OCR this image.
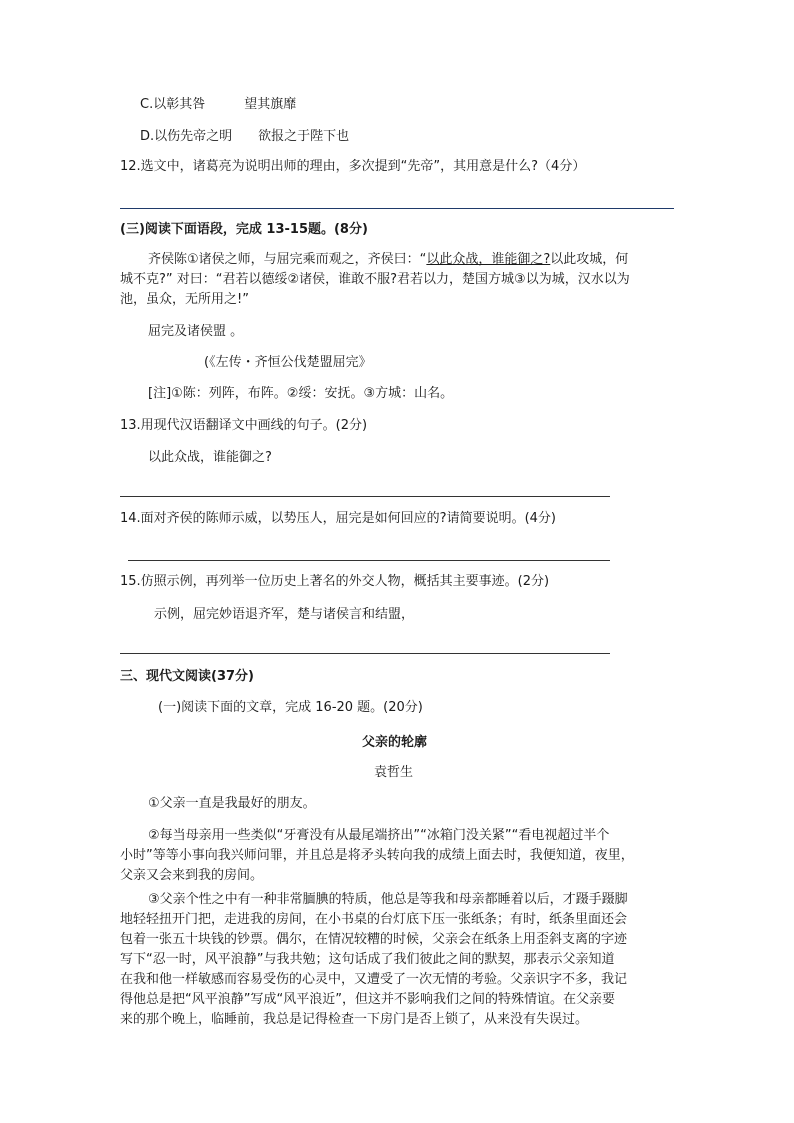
C.以彰其咎　　　望其旗靡
D.以伤先帝之明　　欲报之于陛下也
12.选文中，诸葛亮为说明出师的理由，多次提到“先帝”，其用意是什么?（4分）
(三)阅读下面语段，完成 13-15题。(8分)
齐侯陈①诸侯之师，与屈完乘而观之，齐侯曰：“以此众战，谁能御之?以此攻城，何
城不克?” 对曰：“君若以德绥②诸侯，谁敢不服?君若以力，楚国方城③以为城，汉水以为
池，虽众，无所用之!”
屈完及诸侯盟 。
(《左传・齐恒公伐楚盟屈完》
[注]①陈：列阵，布阵。②绥：安抚。③方城：山名。
13.用现代汉语翻译文中画线的句子。(2分)
以此众战，谁能御之?
14.面对齐侯的陈师示威，以势压人，屈完是如何回应的?请简要说明。(4分)
15.仿照示例，再列举一位历史上著名的外交人物，概括其主要事迹。(2分)
示例，屈完妙语退齐军，楚与诸侯言和结盟，
三、现代文阅读(37分)
(一)阅读下面的文章，完成 16-20 题。(20分)
父亲的轮廓
袁哲生
①父亲一直是我最好的朋友。
②每当母亲用一些类似“牙膏没有从最尾端挤出”“冰箱门没关紧”“看电视超过半个
小时”等等小事向我兴师问罪，并且总是将矛头转向我的成绩上面去时，我便知道，夜里，
父亲又会来到我的房间。
③父亲个性之中有一种非常腼腆的特质，他总是等我和母亲都睡着以后，才蹑手蹑脚
地轻轻扭开门把，走进我的房间，在小书桌的台灯底下压一张纸条；有时，纸条里面还会
包着一张五十块钱的钞票。偶尔，在情况较糟的时候，父亲会在纸条上用歪斜支离的字迹
写下“忍一时，风平浪静”与我共勉；这句话成了我们彼此之间的默契，那表示父亲知道
在我和他一样敏感而容易受伤的心灵中，又遭受了一次无情的考验。父亲识字不多，我记
得他总是把“风平浪静”写成“风平浪近”，但这并不影响我们之间的特殊情谊。在父亲要
来的那个晚上，临睡前，我总是记得检查一下房门是否上锁了，从来没有失误过。
